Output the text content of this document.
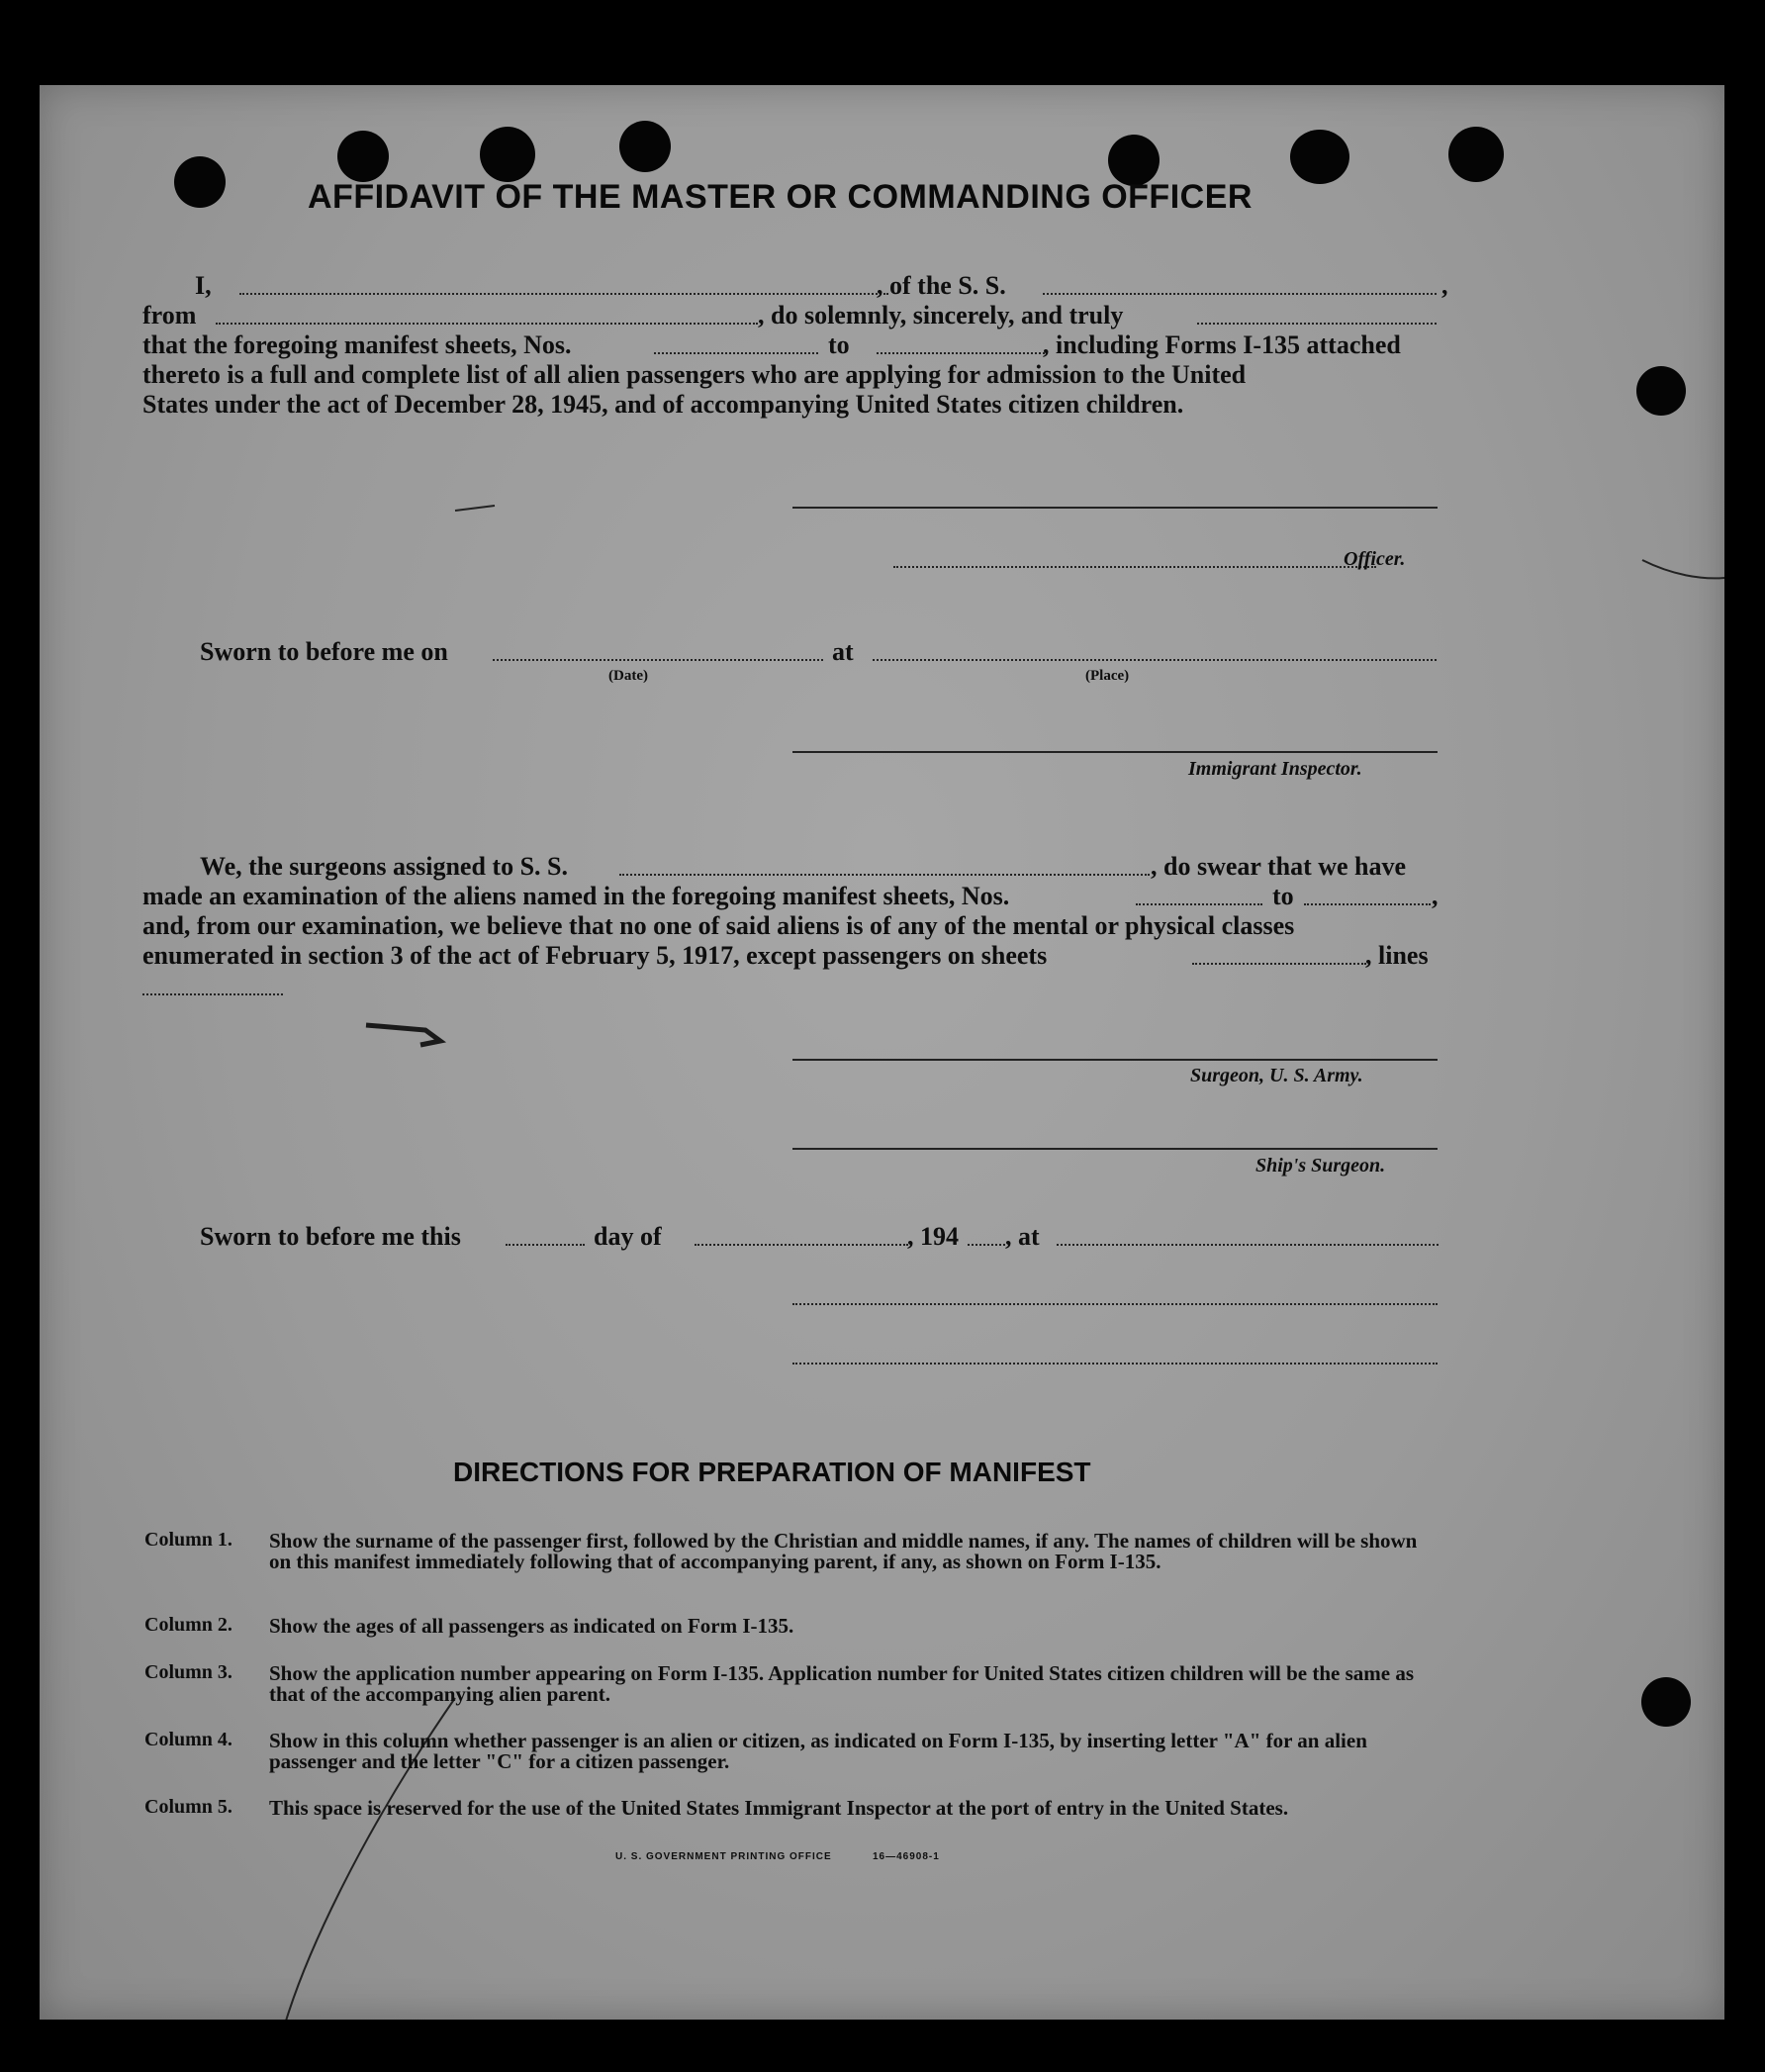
AFFIDAVIT OF THE MASTER OR COMMANDING OFFICER
I,	, of the S. S.	,
from	, do solemnly, sincerely, and truly
that the foregoing manifest sheets, Nos.	to	, including Forms I-135 attached
thereto is a full and complete list of all alien passengers who are applying for admission to the United
States under the act of December 28, 1945, and of accompanying United States citizen children.
Officer.
Sworn to before me on
(Date)
at
(Place)
Immigrant Inspector.
We, the surgeons assigned to S. S.	, do swear that we have
made an examination of the aliens named in the foregoing manifest sheets, Nos.	to	,
and, from our examination, we believe that no one of said aliens is of any of the mental or physical classes
enumerated in section 3 of the act of February 5, 1917, except passengers on sheets	, lines
Surgeon, U. S. Army.
Ship's Surgeon.
Sworn to before me this	day of	, 194 , at
DIRECTIONS FOR PREPARATION OF MANIFEST
Column 1.	Show the surname of the passenger first, followed by the Christian and middle names, if any. The names of children will be shown on this manifest immediately following that of accompanying parent, if any, as shown on Form I-135.
Column 2. Show the ages of all passengers as indicated on Form I-135.
Column 3. Show the application number appearing on Form I-135. Application number for United States citizen children will be the same as that of the accompanying alien parent.
Column 4. Show in this column whether passenger is an alien or citizen, as indicated on Form I-135, by inserting letter "A" for an alien passenger and the letter "C" for a citizen passenger.
Column 5. This space is reserved for the use of the United States Immigrant Inspector at the port of entry in the United States.
U. S. GOVERNMENT PRINTING OFFICE	16—46908-1
